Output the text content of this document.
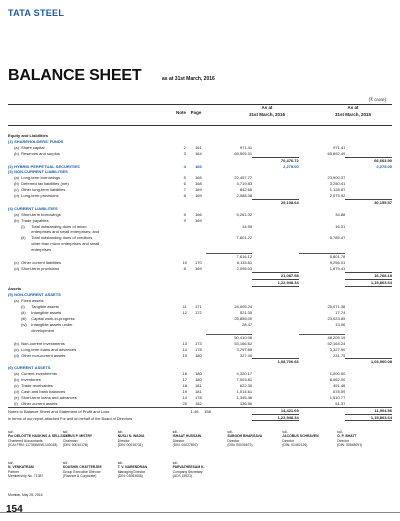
TATA STEEL
BALANCE SHEET	as at 31st March, 2016
(₹ crore)
Note	Page
As at
31st March, 2016
As at
31st March, 2015
Equity and Liabilities									
(1)	SHAREHOLDERS' FUNDS								
	(a)	Share capital		2	161	971.41		971.41	
	(b)	Reserves and surplus		3	164	69,505.31		65,692.49	
							70,476.72		66,663.90
(2)	HYBRID PERPETUAL SECURITIES			4	166		2,275.00		2,275.00
(3)	NON-CURRENT LIABILITIES								
	(a)	Long-term borrowings		5	166	22,457.77		23,900.37	
	(b)	Deferred tax liabilities (net)		6	168	3,719.83		3,250.41	
	(c)	Other long-term liabilities		7	169	842.66		1,128.87	
	(d)	Long-term provisions		8	169	2,088.38		2,075.92	
							29,108.64		30,155.57
(4)	CURRENT LIABILITIES								
	(a)	Short-term borrowings		5	166	5,261.02		34.88	
	(b)	Trade payables		9	169				
		(i)	Total outstanding dues of micro			14.90		16.31	
			enterprises and small enterprises; and						
		(ii)	Total outstanding dues of creditors			7,601.22		5,785.47	
			other than micro enterprises and small						
			enterprises						
						7,616.12		5,801.78	
	(c)	Other current liabilities		10	170	6,115.81		9,256.01	
	(d)	Short-term provisions		8	169	2,095.03		1,675.41	
							21,087.98		16,768.18
							1,22,948.34		1,15,863.64
Assets									
(5)	NON-CURRENT ASSETS								
	(a)	Fixed assets							
		(i)	Tangible assets	11	171	24,005.24		25,071.38	
		(ii)	Intangible assets	12	172	521.35		17.74	
		(iii)	Capital work-in-progress			25,855.00		23,023.65	
		(iv)	Intangible assets under			28.47		13.06	
			development						
						50,410.06		48,205.19	
	(b)	Non-current investments		13	173	53,166.62		52,164.24	
	(c)	Long-term loans and advances		14	178	3,797.89		3,327.90	
	(d)	Other non-current assets		15	180	327.40		231.75	
							1,08,706.66		1,03,960.08
(6)	CURRENT ASSETS								
	(a)	Current investments		16	180	4,320.17		1,000.00	
	(b)	Inventories		17	180	7,003.81		8,062.00	
	(c)	Trade receivables		18	181	622.30		491.46	
	(d)	Cash and bank balances		19	181	1,014.61		678.59	
	(e)	Short-term loans and advances		14	178	1,345.46		1,510.77	
	(f)	Other current assets		20	182	136.56		51.37	
							14,421.69		11,904.56
							1,22,948.34		1,15,863.64
Notes to Balance Sheet and Statement of Profit and Loss	1-46	158
In terms of our report attached For and on behalf of the Board of Directors
sd/-
For DELOITTE HASKINS & SELLS LLP
Chartered Accountants
(ICAI FRN: 117366W/W-100018)
sd/-
CYRUS P. MISTRY
Chairman
(DIN: 00010178)
sd/-
NUSLI N. WADIA
Director
(DIN: 00015731)
sd/-
ISHAAT HUSSAIN
Director
(DIN: 00027891)
sd/-
SUBODH BHARGAVA
Director
(DIN: 00035672)
sd/-
JACOBUS SCHRAVEN
Director
(DIN: 01462126)
sd/-
O. P. BHATT
Director
(DIN: 00548091)
sd/-
N. VENKATRAM
Partner
Membership No. 71387
sd/-
KOUSHIK CHATTERJEE
Group Executive Director
(Finance & Corporate)
sd/-
T. V. NARENDRAN
Managing Director
(DIN: 03083605)
sd/-
PARVATHEESAM K.
Company Secretary
(ACS 15921)
Mumbai, May 25, 2016
154
